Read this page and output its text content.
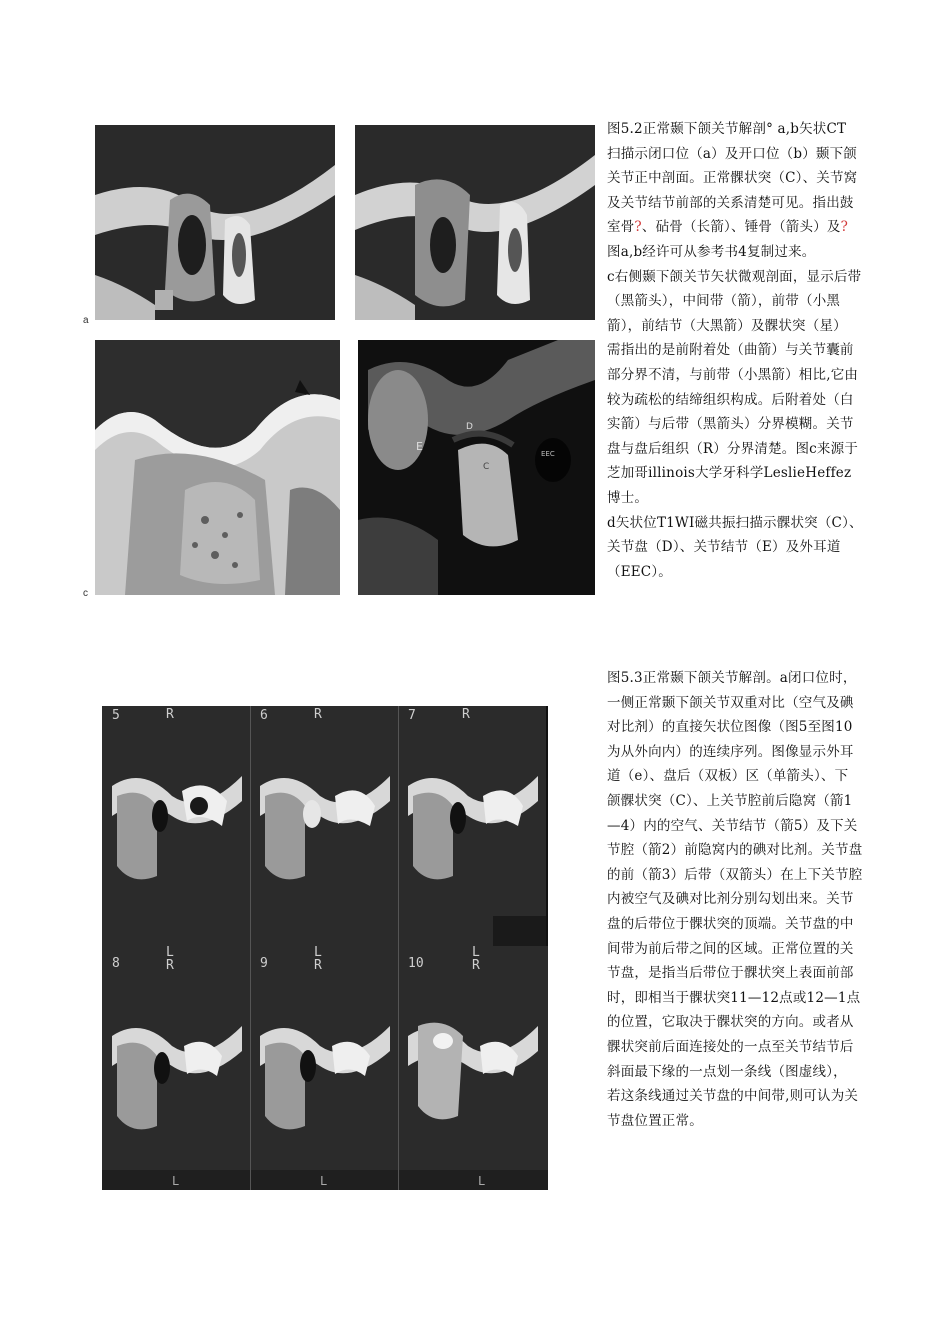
a
c
E
D
C
EEC

图5.2正常颞下颌关节解剖° a,b矢状CT

扫描示闭口位（a）及开口位（b）颞下颌

关节正中剖面。正常髁状突（C）、关节窝

及关节结节前部的关系清楚可见。指出鼓

室骨?、砧骨（长箭）、锤骨（箭头）及?

图a,b经许可从参考书4复制过来。

c右侧颞下颌关节矢状微观剖面，显示后带

（黑箭头），中间带（箭），前带（小黑

箭），前结节（大黑箭）及髁状突（星）

需指出的是前附着处（曲箭）与关节囊前

部分界不清，与前带（小黑箭）相比,它由

较为疏松的结缔组织构成。后附着处（白

实箭）与后带（黑箭头）分界模糊。关节

盘与盘后组织（R）分界清楚。图c来源于

芝加哥illinois大学牙科学LeslieHeffez

博士。

d矢状位T1WI磁共振扫描示髁状突（C）、

关节盘（D）、关节结节（E）及外耳道

（EEC）。

5	R	6	R	7	R
8
L
R
L
9
L
R
L
10
L
R
L

图5.3正常颞下颌关节解剖。a闭口位时，

一侧正常颞下颌关节双重对比（空气及碘

对比剂）的直接矢状位图像（图5至图10

为从外向内）的连续序列。图像显示外耳

道（e）、盘后（双板）区（单箭头）、下

颌髁状突（C）、上关节腔前后隐窝（箭1

—4）内的空气、关节结节（箭5）及下关

节腔（箭2）前隐窝内的碘对比剂。关节盘

的前（箭3）后带（双箭头）在上下关节腔

内被空气及碘对比剂分别勾划出来。关节

盘的后带位于髁状突的顶端。关节盘的中

间带为前后带之间的区域。正常位置的关

节盘，是指当后带位于髁状突上表面前部

时，即相当于髁状突11—12点或12—1点

的位置，它取决于髁状突的方向。或者从

髁状突前后面连接处的一点至关节结节后

斜面最下缘的一点划一条线（图虚线），

若这条线通过关节盘的中间带,则可认为关

节盘位置正常。
